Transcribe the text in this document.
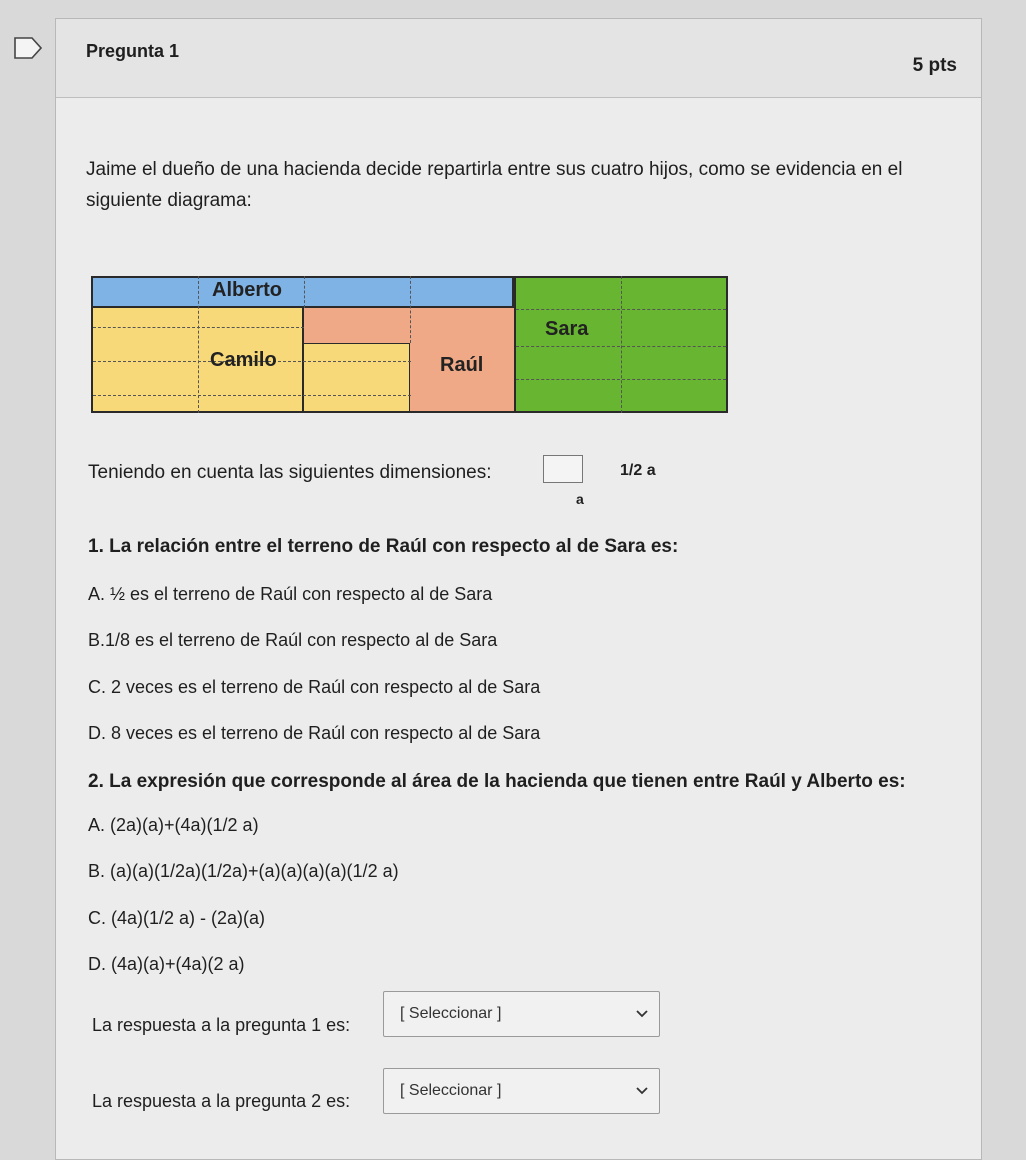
Pregunta 1
5 pts
Jaime el dueño de una hacienda decide repartirla entre sus cuatro hijos, como se evidencia en el siguiente diagrama:
Alberto
Sara
Camilo	Raúl
Teniendo en cuenta las siguientes dimensiones:	1/2 a
a
1. La relación entre el terreno de Raúl con respecto al de Sara es:
A. ½ es el terreno de Raúl con respecto al de Sara
B.1/8 es el terreno de Raúl con respecto al de Sara
C. 2 veces es el terreno de Raúl con respecto al de Sara
D. 8 veces es el terreno de Raúl con respecto al de Sara
2. La expresión que corresponde al área de la hacienda que tienen entre Raúl y Alberto es:
A. (2a)(a)+(4a)(1/2 a)
B. (a)(a)(1/2a)(1/2a)+(a)(a)(a)(a)(1/2 a)
C. (4a)(1/2 a) - (2a)(a)
D. (4a)(a)+(4a)(2 a)
La respuesta a la pregunta 1 es:
[ Seleccionar ]
La respuesta a la pregunta 2 es:
[ Seleccionar ]
